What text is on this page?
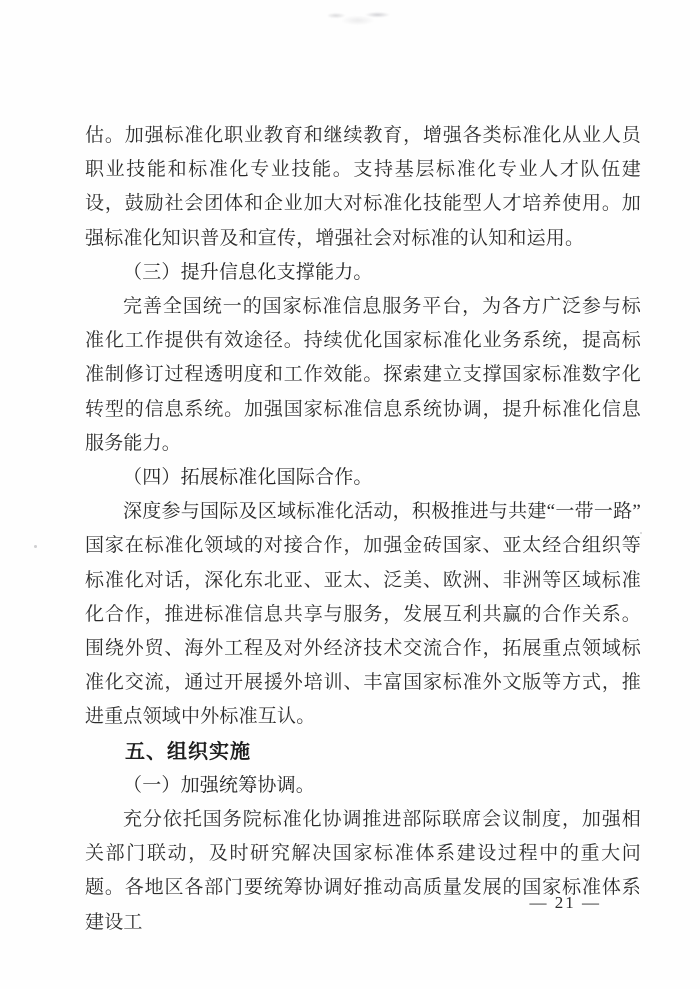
估。加强标准化职业教育和继续教育，增强各类标准化从业人员职业技能和标准化专业技能。支持基层标准化专业人才队伍建设，鼓励社会团体和企业加大对标准化技能型人才培养使用。加强标准化知识普及和宣传，增强社会对标准的认知和运用。

（三）提升信息化支撑能力。

完善全国统一的国家标准信息服务平台，为各方广泛参与标准化工作提供有效途径。持续优化国家标准化业务系统，提高标准制修订过程透明度和工作效能。探索建立支撑国家标准数字化转型的信息系统。加强国家标准信息系统协调，提升标准化信息服务能力。

（四）拓展标准化国际合作。

深度参与国际及区域标准化活动，积极推进与共建“一带一路”国家在标准化领域的对接合作，加强金砖国家、亚太经合组织等标准化对话，深化东北亚、亚太、泛美、欧洲、非洲等区域标准化合作，推进标准信息共享与服务，发展互利共赢的合作关系。围绕外贸、海外工程及对外经济技术交流合作，拓展重点领域标准化交流，通过开展援外培训、丰富国家标准外文版等方式，推进重点领域中外标准互认。

五、组织实施

（一）加强统筹协调。

充分依托国务院标准化协调推进部际联席会议制度，加强相关部门联动，及时研究解决国家标准体系建设过程中的重大问题。各地区各部门要统筹协调好推动高质量发展的国家标准体系建设工

— 21 —
